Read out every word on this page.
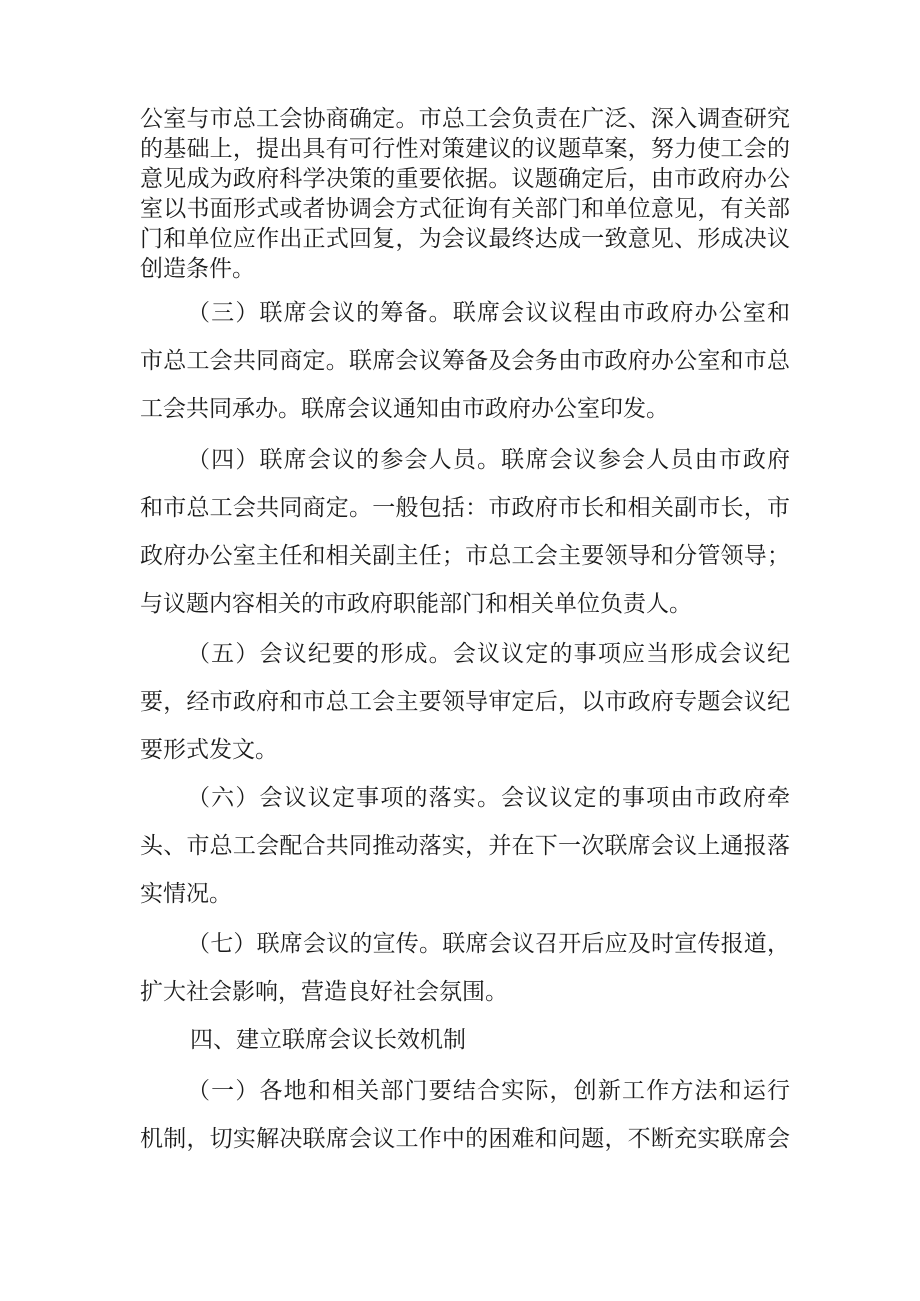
公室与市总工会协商确定。市总工会负责在广泛、深入调查研究
的基础上，提出具有可行性对策建议的议题草案，努力使工会的
意见成为政府科学决策的重要依据。议题确定后，由市政府办公
室以书面形式或者协调会方式征询有关部门和单位意见，有关部
门和单位应作出正式回复，为会议最终达成一致意见、形成决议
创造条件。
（三）联席会议的筹备。联席会议议程由市政府办公室和
市总工会共同商定。联席会议筹备及会务由市政府办公室和市总
工会共同承办。联席会议通知由市政府办公室印发。
（四）联席会议的参会人员。联席会议参会人员由市政府
和市总工会共同商定。一般包括：市政府市长和相关副市长，市
政府办公室主任和相关副主任；市总工会主要领导和分管领导；
与议题内容相关的市政府职能部门和相关单位负责人。
（五）会议纪要的形成。会议议定的事项应当形成会议纪
要，经市政府和市总工会主要领导审定后，以市政府专题会议纪
要形式发文。
（六）会议议定事项的落实。会议议定的事项由市政府牵
头、市总工会配合共同推动落实，并在下一次联席会议上通报落
实情况。
（七）联席会议的宣传。联席会议召开后应及时宣传报道，
扩大社会影响，营造良好社会氛围。
四、建立联席会议长效机制
（一）各地和相关部门要结合实际，创新工作方法和运行
机制，切实解决联席会议工作中的困难和问题，不断充实联席会
